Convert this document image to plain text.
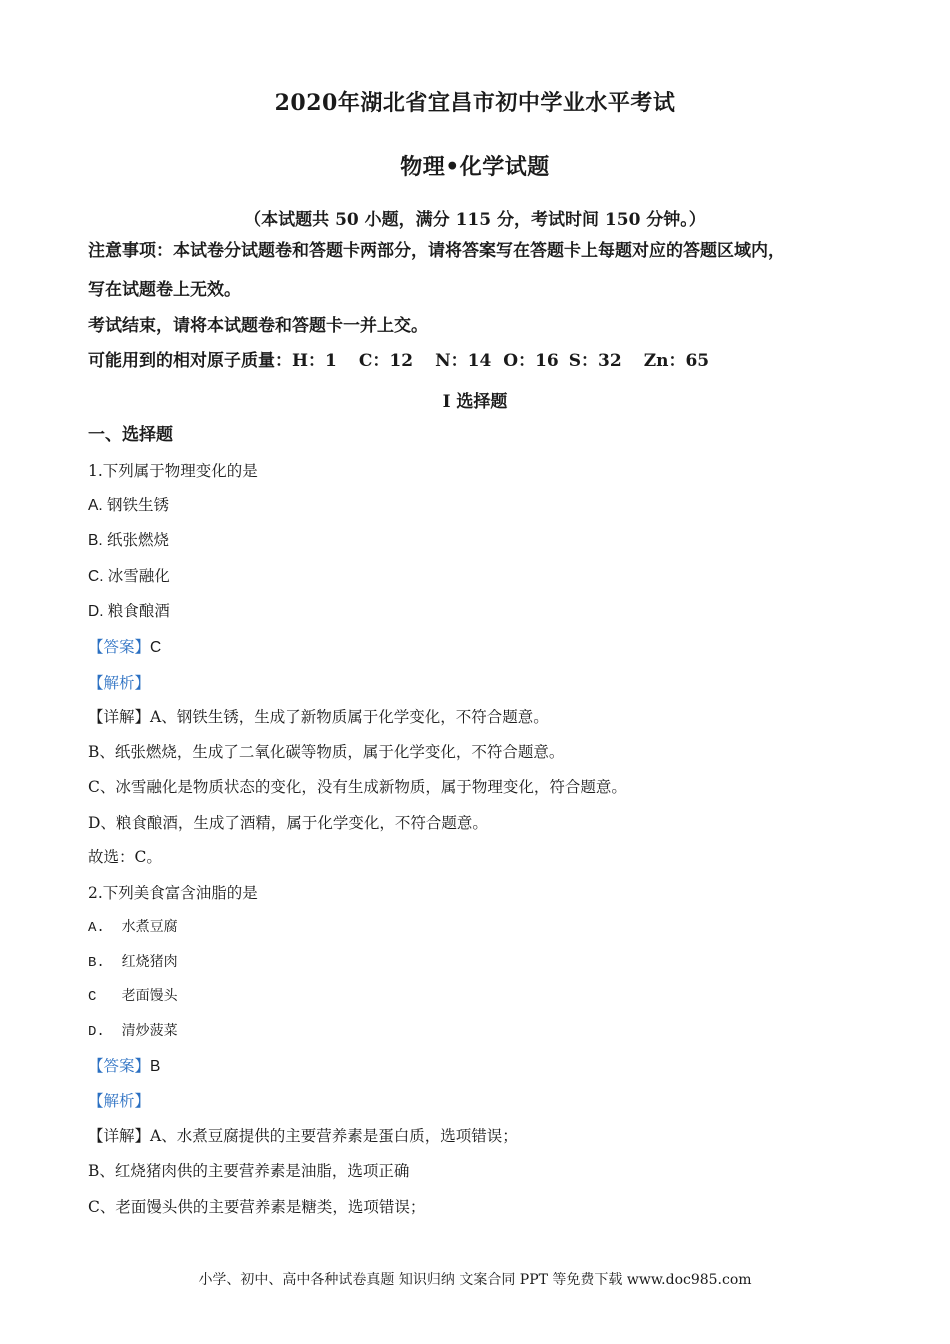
2020年湖北省宜昌市初中学业水平考试
物理•化学试题
（本试题共 50 小题，满分 115 分，考试时间 150 分钟。）
注意事项：本试卷分试题卷和答题卡两部分，请将答案写在答题卡上每题对应的答题区域内，
写在试题卷上无效。
考试结束，请将本试题卷和答题卡一并上交。
可能用到的相对原子质量：H：1 C：12 N：14 O：16 S：32 Zn：65
I 选择题
一、选择题
1.下列属于物理变化的是
A. 钢铁生锈
B. 纸张燃烧
C. 冰雪融化
D. 粮食酿酒
【答案】C
【解析】
【详解】A、钢铁生锈，生成了新物质属于化学变化，不符合题意。
B、纸张燃烧，生成了二氧化碳等物质，属于化学变化，不符合题意。
C、冰雪融化是物质状态的变化，没有生成新物质，属于物理变化，符合题意。
D、粮食酿酒，生成了酒精，属于化学变化，不符合题意。
故选：C。
2.下列美食富含油脂的是
A.  水煮豆腐
B.  红烧猪肉
C   老面馒头
D.  清炒菠菜
【答案】B
【解析】
【详解】A、水煮豆腐提供的主要营养素是蛋白质，选项错误；
B、红烧猪肉供的主要营养素是油脂，选项正确
C、老面馒头供的主要营养素是糖类，选项错误；
小学、初中、高中各种试卷真题 知识归纳 文案合同 PPT 等免费下载 www.doc985.com
